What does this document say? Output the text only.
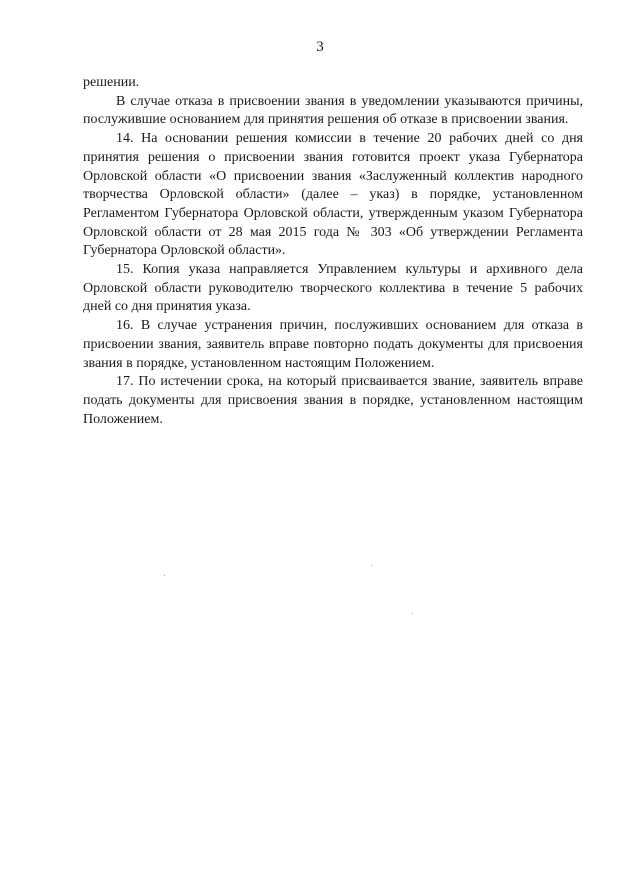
3

решении.

В случае отказа в присвоении звания в уведомлении указываются причины, послужившие основанием для принятия решения об отказе в присвоении звания.

14. На основании решения комиссии в течение 20 рабочих дней со дня принятия решения о присвоении звания готовится проект указа Губернатора Орловской области «О присвоении звания «Заслуженный коллектив народного творчества Орловской области» (далее – указ) в порядке, установленном Регламентом Губернатора Орловской области, утвержденным указом Губернатора Орловской области от 28 мая 2015 года № 303 «Об утверждении Регламента Губернатора Орловской области».

15. Копия указа направляется Управлением культуры и архивного дела Орловской области руководителю творческого коллектива в течение 5 рабочих дней со дня принятия указа.

16. В случае устранения причин, послуживших основанием для отказа в присвоении звания, заявитель вправе повторно подать документы для присвоения звания в порядке, установленном настоящим Положением.

17. По истечении срока, на который присваивается звание, заявитель вправе подать документы для присвоения звания в порядке, установленном настоящим Положением.
